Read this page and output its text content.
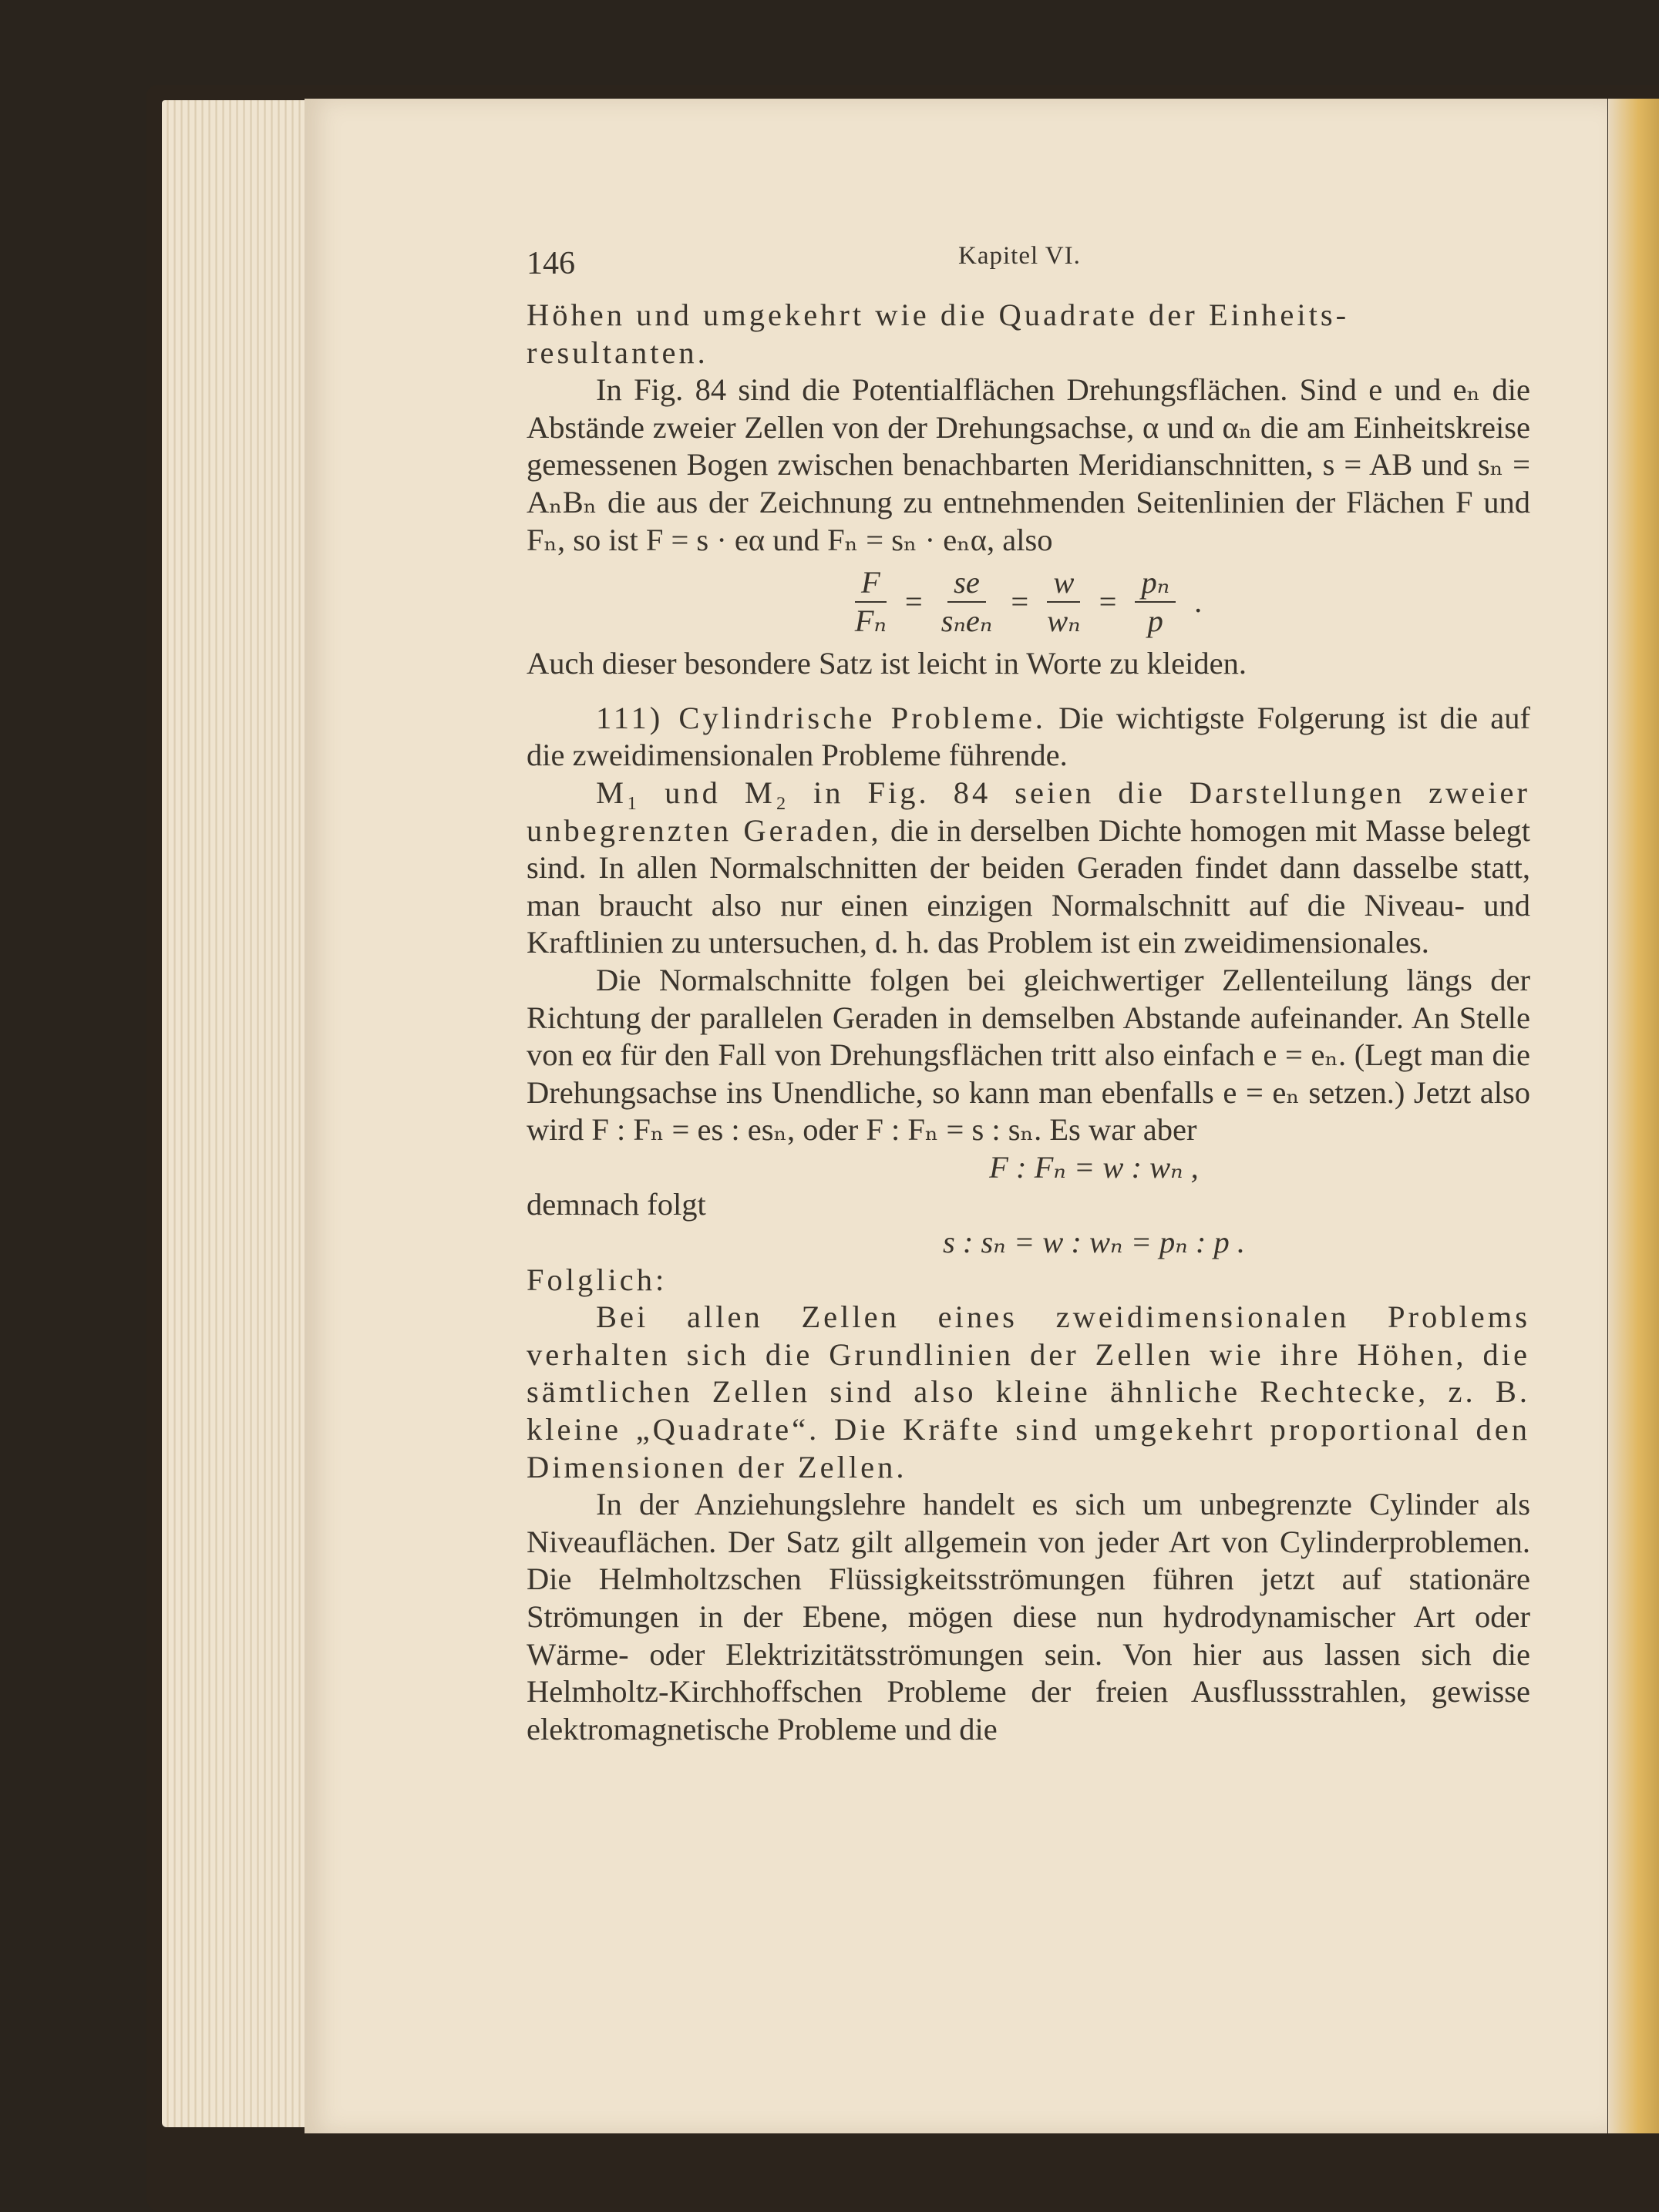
146	Kapitel VI.

Höhen und umgekehrt wie die Quadrate der Einheits-
resultanten.

In Fig. 84 sind die Potentialflächen Drehungsflächen. Sind e und eₙ die Abstände zweier Zellen von der Drehungsachse, α und αₙ die am Einheitskreise gemessenen Bogen zwischen benachbarten Meridianschnitten, s = AB und sₙ = AₙBₙ die aus der Zeichnung zu entnehmenden Seitenlinien der Flächen F und Fₙ, so ist F = s · eα und Fₙ = sₙ · eₙα, also

$\frac{F}{\text{Fₙ}} = \frac{se}{\text{sₙeₙ}} = \frac{w}{\text{wₙ}} = \frac{\text{pₙ}}{p}$ .

Auch dieser besondere Satz ist leicht in Worte zu kleiden.

111) Cylindrische Probleme. Die wichtigste Folgerung ist die auf die zweidimensionalen Probleme führende.

M₁ und M₂ in Fig. 84 seien die Darstellungen zweier unbegrenzten Geraden, die in derselben Dichte homogen mit Masse belegt sind. In allen Normalschnitten der beiden Geraden findet dann dasselbe statt, man braucht also nur einen einzigen Normalschnitt auf die Niveau- und Kraftlinien zu untersuchen, d. h. das Problem ist ein zweidimensionales.

Die Normalschnitte folgen bei gleichwertiger Zellenteilung längs der Richtung der parallelen Geraden in demselben Abstande aufeinander. An Stelle von eα für den Fall von Drehungsflächen tritt also einfach e = eₙ. (Legt man die Drehungsachse ins Unendliche, so kann man ebenfalls e = eₙ setzen.) Jetzt also wird F : Fₙ = es : esₙ, oder F : Fₙ = s : sₙ. Es war aber

F : Fₙ = w : wₙ ,

demnach folgt

s : sₙ = w : wₙ = pₙ : p .

Folglich:

Bei allen Zellen eines zweidimensionalen Problems verhalten sich die Grundlinien der Zellen wie ihre Höhen, die sämtlichen Zellen sind also kleine ähnliche Rechtecke, z. B. kleine „Quadrate“. Die Kräfte sind umgekehrt proportional den Dimensionen der Zellen.

In der Anziehungslehre handelt es sich um unbegrenzte Cylinder als Niveauflächen. Der Satz gilt allgemein von jeder Art von Cylinderproblemen. Die Helmholtzschen Flüssigkeitsströmungen führen jetzt auf stationäre Strömungen in der Ebene, mögen diese nun hydrodynamischer Art oder Wärme- oder Elektrizitätsströmungen sein. Von hier aus lassen sich die Helmholtz-Kirchhoffschen Probleme der freien Ausflussstrahlen, gewisse elektromagnetische Probleme und die
